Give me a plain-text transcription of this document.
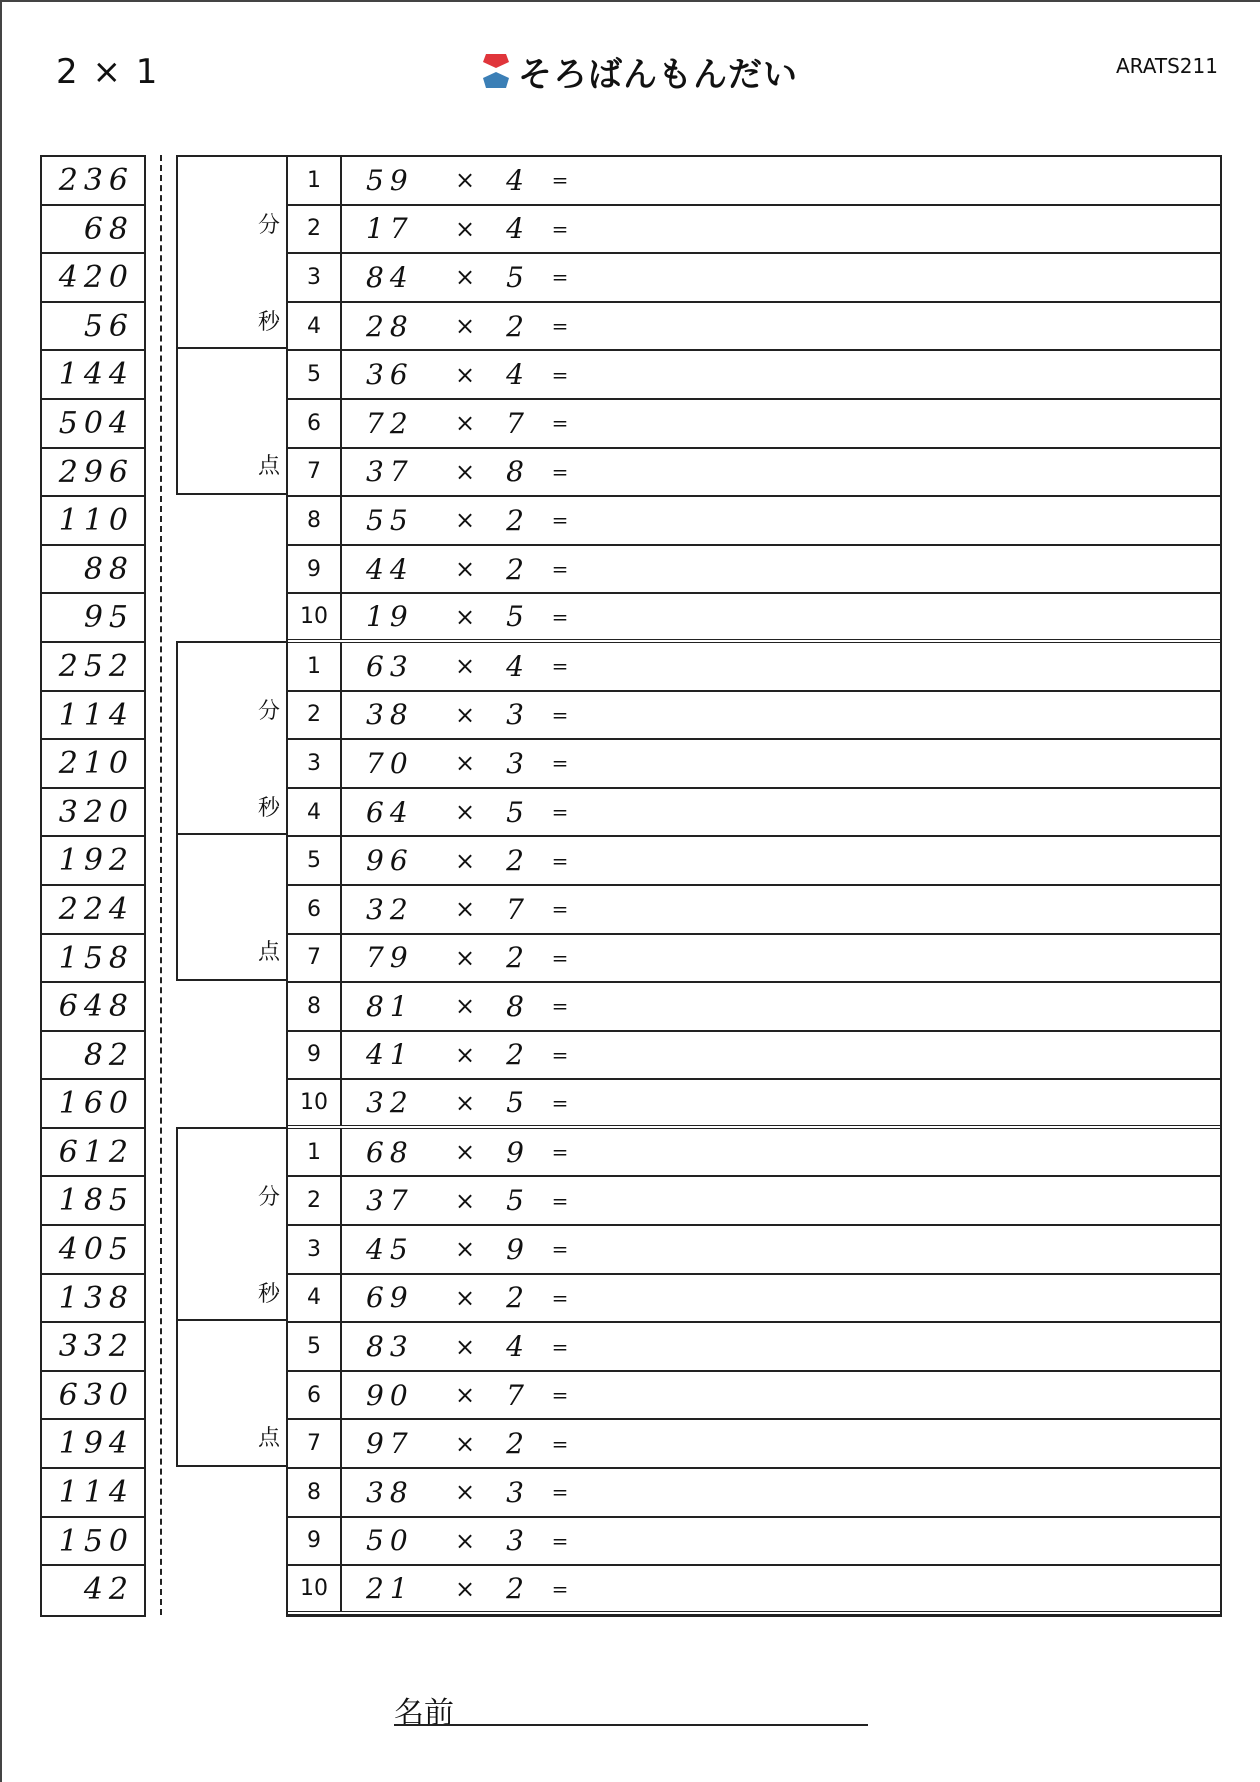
2 × 1	そろばんもんだい	ARATS211
236
68
420
56
144
504
296
110
88
95
252
114
210
320
192
224
158
648
82
160
612
185
405
138
332
630
194
114
150
42
分
秒
点
分
秒
点
分
秒
点
1	59	×	4	=
2	17	×	4	=
3	84	×	5	=
4	28	×	2	=
5	36	×	4	=
6	72	×	7	=
7	37	×	8	=
8	55	×	2	=
9	44	×	2	=
10	19	×	5	=
1	63	×	4	=
2	38	×	3	=
3	70	×	3	=
4	64	×	5	=
5	96	×	2	=
6	32	×	7	=
7	79	×	2	=
8	81	×	8	=
9	41	×	2	=
10	32	×	5	=
1	68	×	9	=
2	37	×	5	=
3	45	×	9	=
4	69	×	2	=
5	83	×	4	=
6	90	×	7	=
7	97	×	2	=
8	38	×	3	=
9	50	×	3	=
10	21	×	2	=
名前
